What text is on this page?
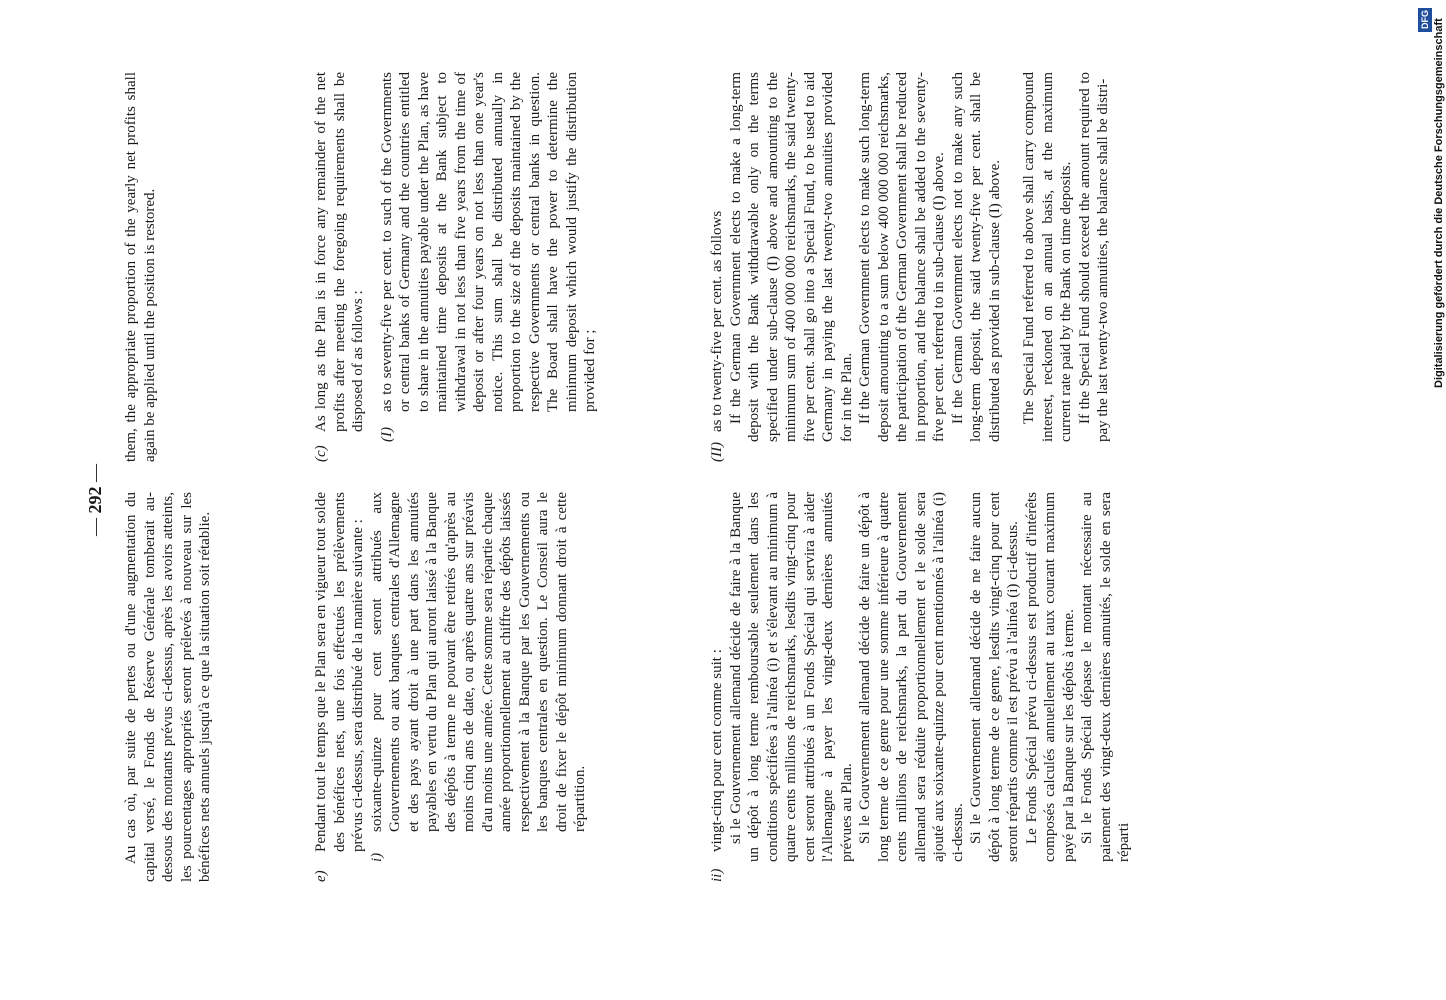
— 292 — Au cas où, par suite de pertes ou d'une augmentation du capital versé, le Fonds de Réserve Générale tomberait au-dessous des montants prévus ci-dessus, après les avoirs atteints, les pourcentages appropriés seront prélevés à nouveau sur les bénéfices nets annuels jusqu'à ce que la situation soit rétablie.

them, the appropriate proportion of the yearly net profits shall again be applied until the position is restored.

e)

Pendant tout le temps que le Plan sera en vigueur tout solde des bénéfices nets, une fois effectués les prélèvements prévus ci-dessus, sera distribué de la manière suivante :

i)

soixante-quinze pour cent seront attribués aux Gouvernements ou aux banques centrales d'Allemagne et des pays ayant droit à une part dans les annuités payables en vertu du Plan qui auront laissé à la Banque des dépôts à terme ne pouvant être retirés qu'après au moins cinq ans de date, ou après quatre ans sur préavis d'au moins une année. Cette somme sera répartie chaque année proportionnellement au chiffre des dépôts laissés respectivement à la Banque par les Gouvernements ou les banques centrales en question. Le Conseil aura le droit de fixer le dépôt minimum donnant droit à cette répartition.

(c)

As long as the Plan is in force any remainder of the net profits after meeting the foregoing requirements shall be disposed of as follows :

(I)

as to seventy-five per cent. to such of the Governments or central banks of Germany and the countries entitled to share in the annuities payable under the Plan, as have maintained time deposits at the Bank subject to withdrawal in not less than five years from the time of deposit or after four years on not less than one year's notice. This sum shall be distributed annually in proportion to the size of the deposits maintained by the respective Governments or central banks in question. The Board shall have the power to determine the minimum deposit which would justify the distribution provided for ;

ii)

vingt-cinq pour cent comme suit : si le Gouvernement allemand décide de faire à la Banque un dépôt à long terme remboursable seulement dans les conditions spécifiées à l'alinéa (i) et s'élevant au minimum à quatre cents millions de reichsmarks, lesdits vingt-cinq pour cent seront attribués à un Fonds Spécial qui servira à aider l'Allemagne à payer les vingt-deux dernières annuités prévues au Plan. Si le Gouvernement allemand décide de faire un dépôt à long terme de ce genre pour une somme inférieure à quatre cents millions de reichsmarks, la part du Gouvernement allemand sera réduite proportionnellement et le solde sera ajouté aux soixante-quinze pour cent mentionnés à l'alinéa (i) ci-dessus. Si le Gouvernement allemand décide de ne faire aucun dépôt à long terme de ce genre, lesdits vingt-cinq pour cent seront répartis comme il est prévu à l'alinéa (i) ci-dessus. Le Fonds Spécial prévu ci-dessus est productif d'intérêts composés calculés annuellement au taux courant maximum payé par la Banque sur les dépôts à terme. Si le Fonds Spécial dépasse le montant nécessaire au paiement des vingt-deux dernières annuités, le solde en sera réparti

(II)

as to twenty-five per cent. as follows If the German Government elects to make a long-term deposit with the Bank withdrawable only on the terms specified under sub-clause (I) above and amounting to the minimum sum of 400 000 000 reichsmarks, the said twenty-five per cent. shall go into a Special Fund, to be used to aid Germany in paying the last twenty-two annuities provided for in the Plan. If the German Government elects to make such long-term deposit amounting to a sum below 400 000 000 reichsmarks, the participation of the German Government shall be reduced in proportion, and the balance shall be added to the seventy-five per cent. referred to in sub-clause (I) above. If the German Government elects not to make any such long-term deposit, the said twenty-five per cent. shall be distributed as provided in sub-clause (I) above. The Special Fund referred to above shall carry compound interest, reckoned on an annual basis, at the maximum current rate paid by the Bank on time deposits. If the Special Fund should exceed the amount required to pay the last twenty-two annuities, the balance shall be distri-

DFG Digitalisierung gefördert durch die Deutsche Forschungsgemeinschaft
